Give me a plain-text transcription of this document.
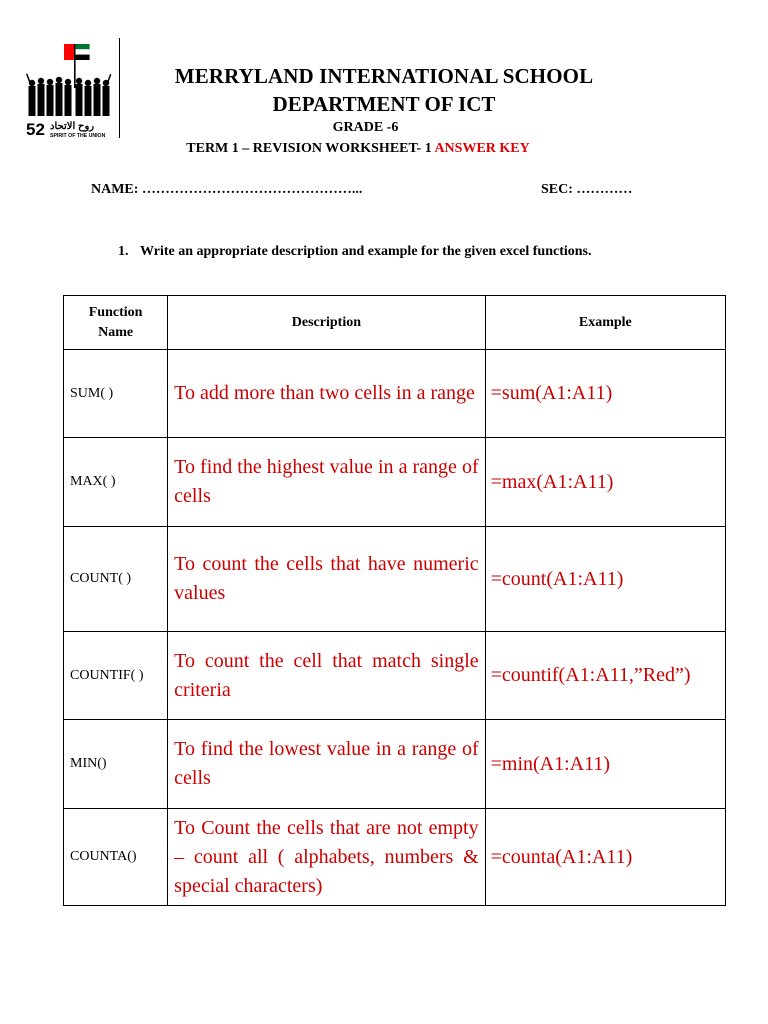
52 روح الاتحاد
SPIRIT OF THE UNION
MERRYLAND INTERNATIONAL SCHOOL
DEPARTMENT OF ICT
GRADE -6
TERM 1 – REVISION WORKSHEET- 1 ANSWER KEY
NAME: ………………………………………...	SEC: …………
1. Write an appropriate description and example for the given excel functions.
Function
Name	Description	Example
SUM( )	To add more than two cells in a range	=sum(A1:A11)
MAX( )	To find the highest value in a range of cells	=max(A1:A11)
COUNT( )	To count the cells that have numeric values	=count(A1:A11)
COUNTIF( )	To count the cell that match single criteria	=countif(A1:A11,”Red”)
MIN()	To find the lowest value in a range of cells	=min(A1:A11)
COUNTA()	To Count the cells that are not empty – count all ( alphabets, numbers & special characters)	=counta(A1:A11)
